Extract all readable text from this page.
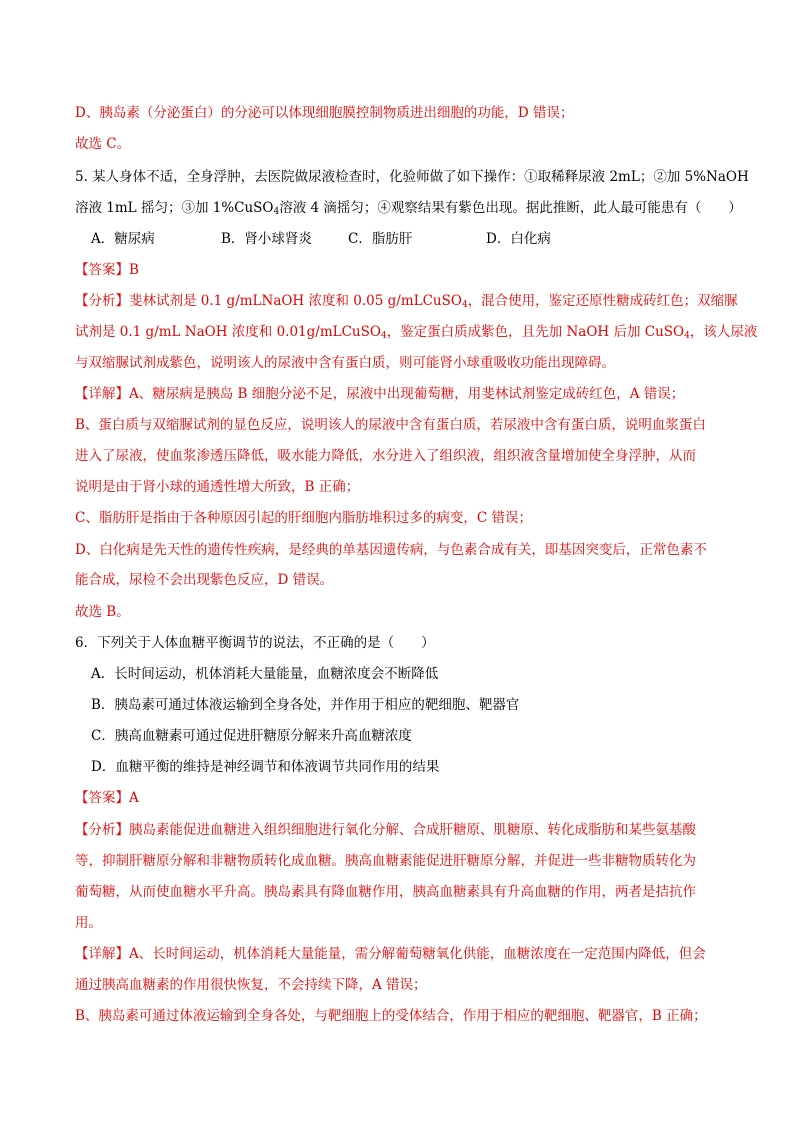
D、胰岛素（分泌蛋白）的分泌可以体现细胞膜控制物质进出细胞的功能，D 错误；
故选 C。
5. 某人身体不适，全身浮肿，去医院做尿液检查时，化验师做了如下操作：①取稀释尿液 2mL；②加 5%NaOH
溶液 1mL 摇匀；③加 1%CuSO$_4$溶液 4 滴摇匀；④观察结果有紫色出现。据此推断，此人最可能患有（　　）
A．糖尿病	B．肾小球肾炎	C．脂肪肝	D．白化病
【答案】B
【分析】斐林试剂是 0.1 g/mLNaOH 浓度和 0.05 g/mLCuSO$_4$，混合使用，鉴定还原性糖成砖红色；双缩脲
试剂是 0.1 g/mL NaOH 浓度和 0.01g/mLCuSO$_4$，鉴定蛋白质成紫色，且先加 NaOH 后加 CuSO$_4$，该人尿液
与双缩脲试剂成紫色，说明该人的尿液中含有蛋白质，则可能肾小球重吸收功能出现障碍。
【详解】A、糖尿病是胰岛 B 细胞分泌不足，尿液中出现葡萄糖，用斐林试剂鉴定成砖红色，A 错误；
B、蛋白质与双缩脲试剂的显色反应，说明该人的尿液中含有蛋白质，若尿液中含有蛋白质，说明血浆蛋白
进入了尿液，使血浆渗透压降低，吸水能力降低，水分进入了组织液，组织液含量增加使全身浮肿，从而
说明是由于肾小球的通透性增大所致，B 正确；
C、脂肪肝是指由于各种原因引起的肝细胞内脂肪堆积过多的病变，C 错误；
D、白化病是先天性的遗传性疾病，是经典的单基因遗传病，与色素合成有关，即基因突变后，正常色素不
能合成，尿检不会出现紫色反应，D 错误。
故选 B。
6．下列关于人体血糖平衡调节的说法，不正确的是（　　）
A．长时间运动，机体消耗大量能量，血糖浓度会不断降低
B．胰岛素可通过体液运输到全身各处，并作用于相应的靶细胞、靶器官
C．胰高血糖素可通过促进肝糖原分解来升高血糖浓度
D．血糖平衡的维持是神经调节和体液调节共同作用的结果
【答案】A
【分析】胰岛素能促进血糖进入组织细胞进行氧化分解、合成肝糖原、肌糖原、转化成脂肪和某些氨基酸
等，抑制肝糖原分解和非糖物质转化成血糖。胰高血糖素能促进肝糖原分解，并促进一些非糖物质转化为
葡萄糖，从而使血糖水平升高。胰岛素具有降血糖作用，胰高血糖素具有升高血糖的作用，两者是拮抗作
用。
【详解】A、长时间运动，机体消耗大量能量，需分解葡萄糖氧化供能，血糖浓度在一定范围内降低，但会
通过胰高血糖素的作用很快恢复，不会持续下降，A 错误；
B、胰岛素可通过体液运输到全身各处，与靶细胞上的受体结合，作用于相应的靶细胞、靶器官，B 正确；
